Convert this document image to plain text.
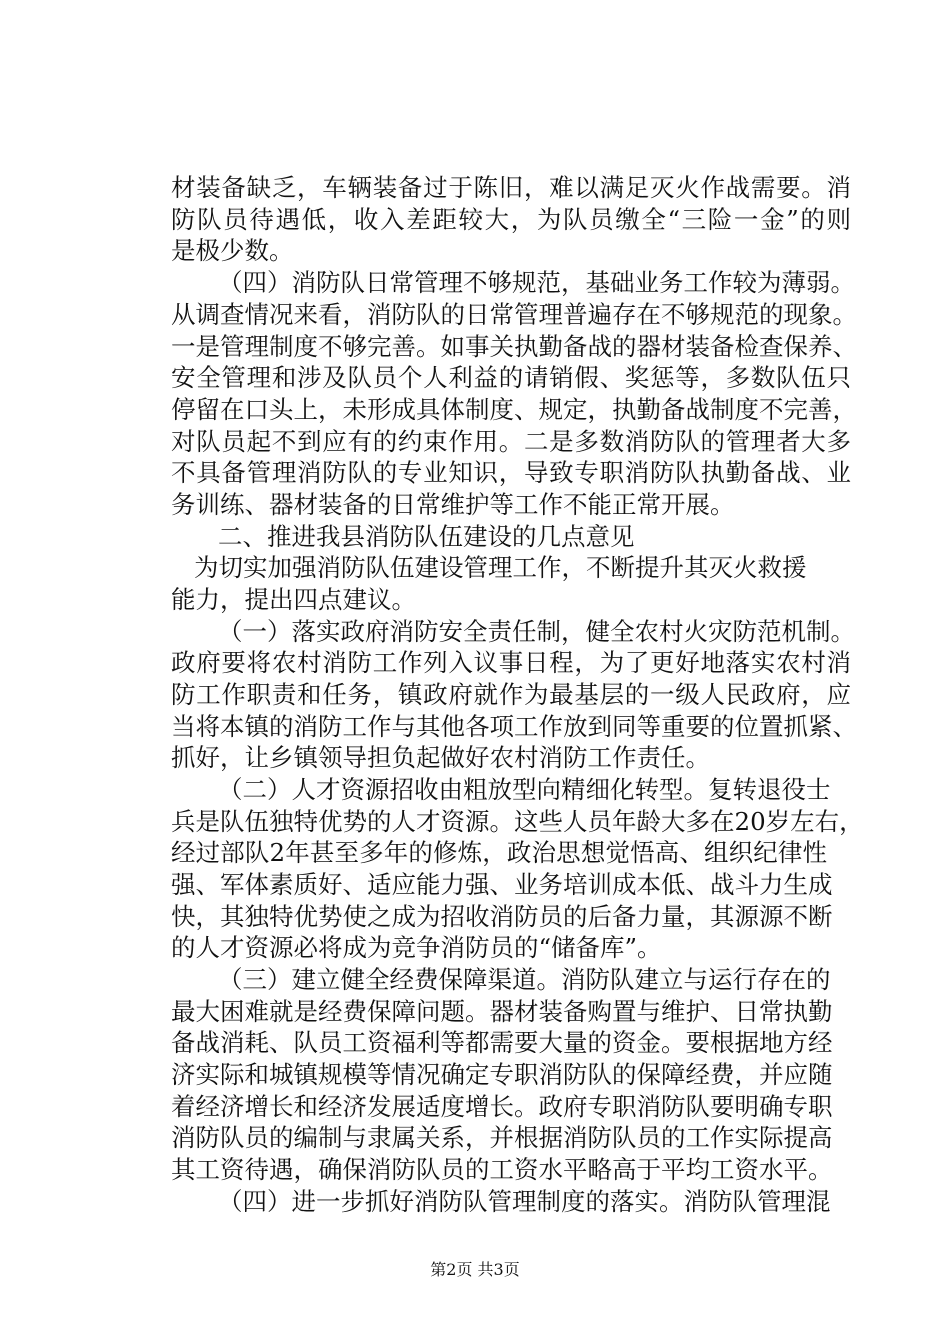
材装备缺乏，车辆装备过于陈旧，难以满足灭火作战需要。消
防队员待遇低，收入差距较大，为队员缴全“三险一金”的则
是极少数。
（四）消防队日常管理不够规范，基础业务工作较为薄弱。
从调查情况来看，消防队的日常管理普遍存在不够规范的现象。
一是管理制度不够完善。如事关执勤备战的器材装备检查保养、
安全管理和涉及队员个人利益的请销假、奖惩等，多数队伍只
停留在口头上，未形成具体制度、规定，执勤备战制度不完善，
对队员起不到应有的约束作用。二是多数消防队的管理者大多
不具备管理消防队的专业知识，导致专职消防队执勤备战、业
务训练、器材装备的日常维护等工作不能正常开展。
二、推进我县消防队伍建设的几点意见
为切实加强消防队伍建设管理工作，不断提升其灭火救援
能力，提出四点建议。
（一）落实政府消防安全责任制，健全农村火灾防范机制。
政府要将农村消防工作列入议事日程，为了更好地落实农村消
防工作职责和任务，镇政府就作为最基层的一级人民政府，应
当将本镇的消防工作与其他各项工作放到同等重要的位置抓紧、
抓好，让乡镇领导担负起做好农村消防工作责任。
（二）人才资源招收由粗放型向精细化转型。复转退役士
兵是队伍独特优势的人才资源。这些人员年龄大多在20岁左右，
经过部队2年甚至多年的修炼，政治思想觉悟高、组织纪律性
强、军体素质好、适应能力强、业务培训成本低、战斗力生成
快，其独特优势使之成为招收消防员的后备力量，其源源不断
的人才资源必将成为竞争消防员的“储备库”。
（三）建立健全经费保障渠道。消防队建立与运行存在的
最大困难就是经费保障问题。器材装备购置与维护、日常执勤
备战消耗、队员工资福利等都需要大量的资金。要根据地方经
济实际和城镇规模等情况确定专职消防队的保障经费，并应随
着经济增长和经济发展适度增长。政府专职消防队要明确专职
消防队员的编制与隶属关系，并根据消防队员的工作实际提高
其工资待遇，确保消防队员的工资水平略高于平均工资水平。
（四）进一步抓好消防队管理制度的落实。消防队管理混
第2页 共3页
